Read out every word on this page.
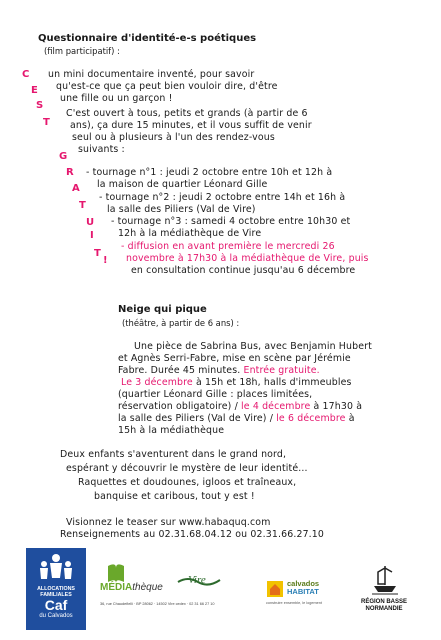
Questionnaire d'identité-e-s poétiques
(film participatif) :
C
E
S
T
G
R
A
T
U
I
T
!
un mini documentaire inventé, pour savoir
qu'est-ce que ça peut bien vouloir dire, d'être
une fille ou un garçon !
C'est ouvert à tous, petits et grands (à partir de 6
ans), ça dure 15 minutes, et il vous suffit de venir
seul ou à plusieurs à l'un des rendez-vous
suivants :
- tournage n°1 : jeudi 2 octobre entre 10h et 12h à
la maison de quartier Léonard Gille
- tournage n°2 : jeudi 2 octobre entre 14h et 16h à
la salle des Piliers (Val de Vire)
- tournage n°3 : samedi 4 octobre entre 10h30 et
12h à la médiathèque de Vire
- diffusion en avant première le mercredi 26
novembre à 17h30 à la médiathèque de Vire, puis
en consultation continue jusqu'au 6 décembre
Neige qui pique
(théâtre, à partir de 6 ans) :
Une pièce de Sabrina Bus, avec Benjamin Hubert
et Agnès Serri-Fabre, mise en scène par Jérémie
Fabre. Durée 45 minutes. Entrée gratuite.
Le 3 décembre à 15h et 18h, halls d'immeubles
(quartier Léonard Gille : places limitées,
réservation obligatoire) / le 4 décembre à 17h30 à
la salle des Piliers (Val de Vire) / le 6 décembre à
15h à la médiathèque
Deux enfants s'aventurent dans le grand nord,
espérant y découvrir le mystère de leur identité...
Raquettes et doudounes, igloos et traîneaux,
banquise et caribous, tout y est !
Visionnez le teaser sur www.habaquq.com
Renseignements au 02.31.68.04.12 ou 02.31.66.27.10
ALLOCATIONS
FAMILIALES
Caf
du Calvados
MÉDIAthèque
Vire
36, rue Chaudeñelli · BP 28062 · 14502 Vire cedex · 02 31 66 27 10
calvados
HABITAT
construire ensemble, le logement	RÉGION BASSE
NORMANDIE
